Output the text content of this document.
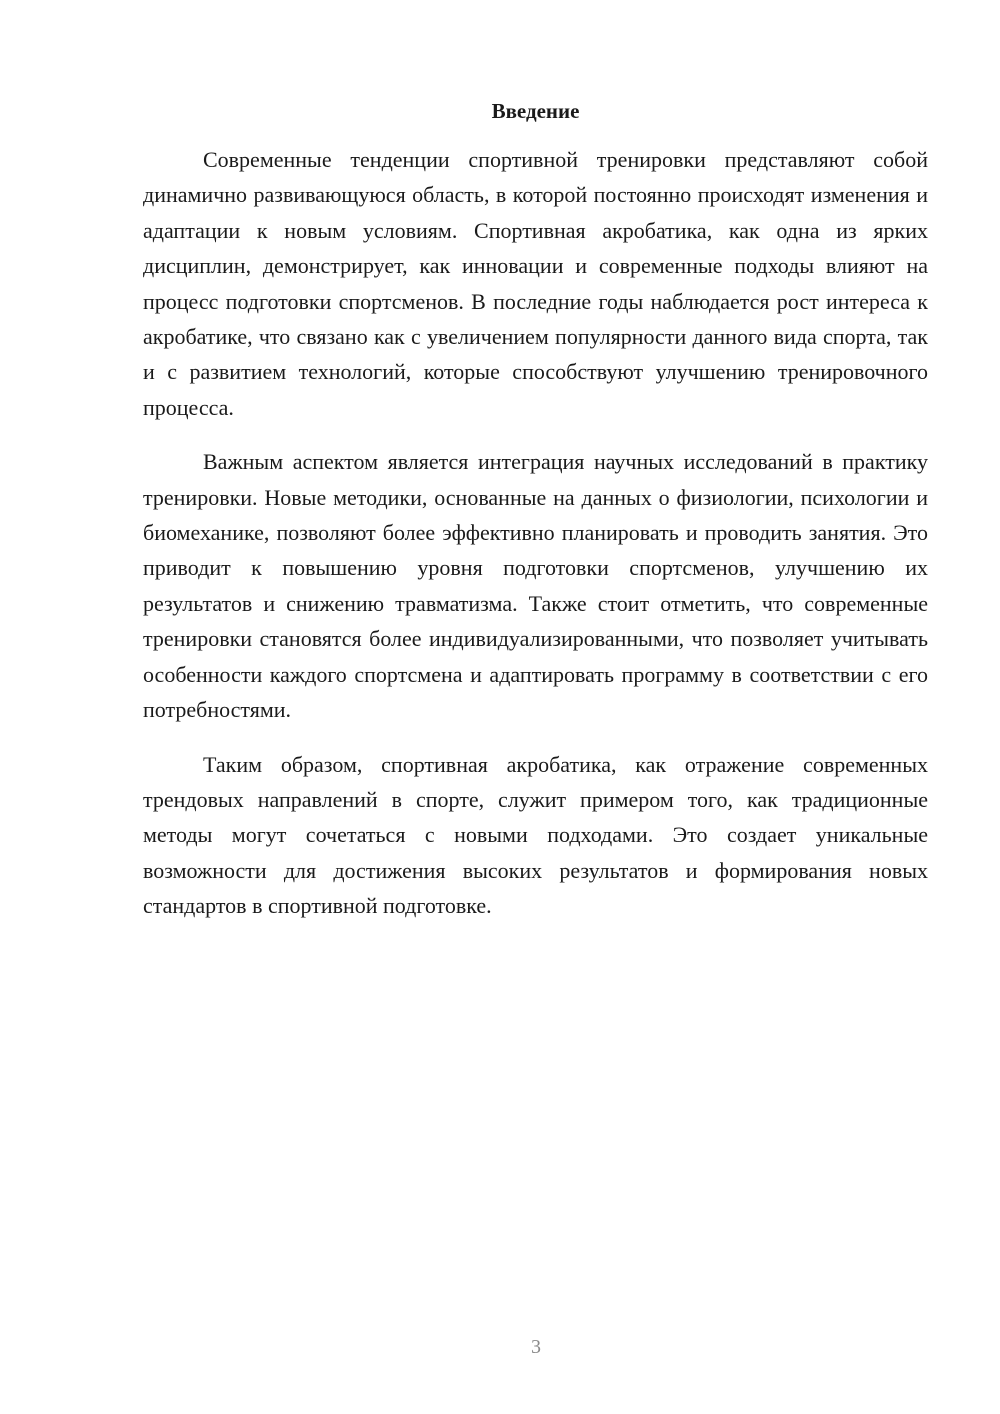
Введение

Современные тенденции спортивной тренировки представляют собой динамично развивающуюся область, в которой постоянно происходят изменения и адаптации к новым условиям. Спортивная акробатика, как одна из ярких дисциплин, демонстрирует, как инновации и современные подходы влияют на процесс подготовки спортсменов. В последние годы наблюдается рост интереса к акробатике, что связано как с увеличением популярности данного вида спорта, так и с развитием технологий, которые способствуют улучшению тренировочного процесса.

Важным аспектом является интеграция научных исследований в практику тренировки. Новые методики, основанные на данных о физиологии, психологии и биомеханике, позволяют более эффективно планировать и проводить занятия. Это приводит к повышению уровня подготовки спортсменов, улучшению их результатов и снижению травматизма. Также стоит отметить, что современные тренировки становятся более индивидуализированными, что позволяет учитывать особенности каждого спортсмена и адаптировать программу в соответствии с его потребностями.

Таким образом, спортивная акробатика, как отражение современных трендовых направлений в спорте, служит примером того, как традиционные методы могут сочетаться с новыми подходами. Это создает уникальные возможности для достижения высоких результатов и формирования новых стандартов в спортивной подготовке.

3
